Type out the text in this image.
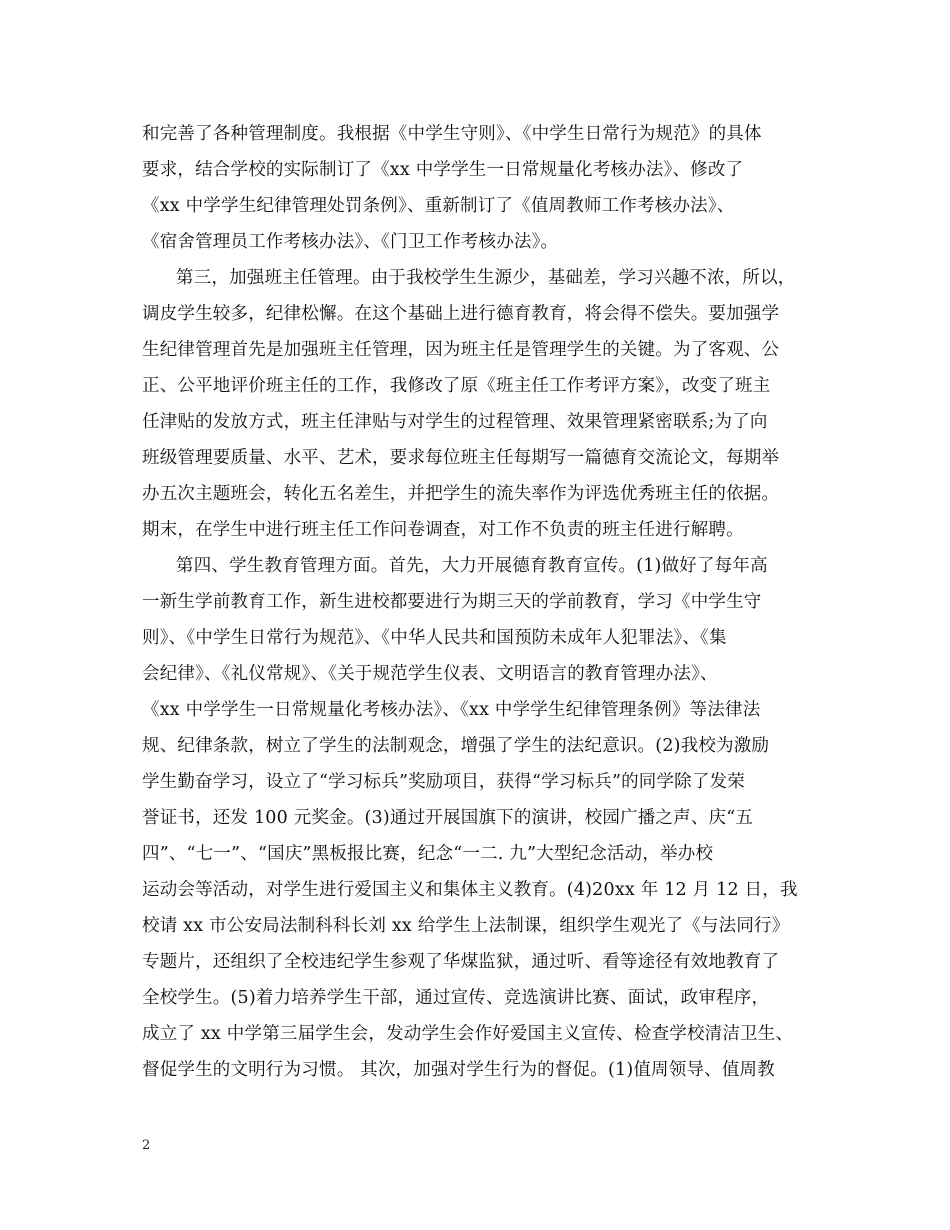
和完善了各种管理制度。我根据《中学生守则》、《中学生日常行为规范》的具体
要求，结合学校的实际制订了《xx 中学学生一日常规量化考核办法》、修改了
《xx 中学学生纪律管理处罚条例》、重新制订了《值周教师工作考核办法》、
《宿舍管理员工作考核办法》、《门卫工作考核办法》。
第三，加强班主任管理。由于我校学生生源少，基础差，学习兴趣不浓，所以，
调皮学生较多，纪律松懈。在这个基础上进行德育教育，将会得不偿失。要加强学
生纪律管理首先是加强班主任管理，因为班主任是管理学生的关键。为了客观、公
正、公平地评价班主任的工作，我修改了原《班主任工作考评方案》，改变了班主
任津贴的发放方式，班主任津贴与对学生的过程管理、效果管理紧密联系;为了向
班级管理要质量、水平、艺术，要求每位班主任每期写一篇德育交流论文，每期举
办五次主题班会，转化五名差生，并把学生的流失率作为评选优秀班主任的依据。
期末，在学生中进行班主任工作问卷调查，对工作不负责的班主任进行解聘。
第四、学生教育管理方面。首先，大力开展德育教育宣传。(1)做好了每年高
一新生学前教育工作，新生进校都要进行为期三天的学前教育，学习《中学生守
则》、《中学生日常行为规范》、《中华人民共和国预防未成年人犯罪法》、《集
会纪律》、《礼仪常规》、《关于规范学生仪表、文明语言的教育管理办法》、
《xx 中学学生一日常规量化考核办法》、《xx 中学学生纪律管理条例》等法律法
规、纪律条款，树立了学生的法制观念，增强了学生的法纪意识。(2)我校为激励
学生勤奋学习，设立了“学习标兵”奖励项目，获得“学习标兵”的同学除了发荣
誉证书，还发 100 元奖金。(3)通过开展国旗下的演讲，校园广播之声、庆“五
四”、“七一”、“国庆”黑板报比赛，纪念“一二. 九”大型纪念活动，举办校
运动会等活动，对学生进行爱国主义和集体主义教育。(4)20xx 年 12 月 12 日，我
校请 xx 市公安局法制科科长刘 xx 给学生上法制课，组织学生观光了《与法同行》
专题片，还组织了全校违纪学生参观了华煤监狱，通过听、看等途径有效地教育了
全校学生。(5)着力培养学生干部，通过宣传、竞选演讲比赛、面试，政审程序，
成立了 xx 中学第三届学生会，发动学生会作好爱国主义宣传、检查学校清洁卫生、
督促学生的文明行为习惯。 其次，加强对学生行为的督促。(1)值周领导、值周教
2
